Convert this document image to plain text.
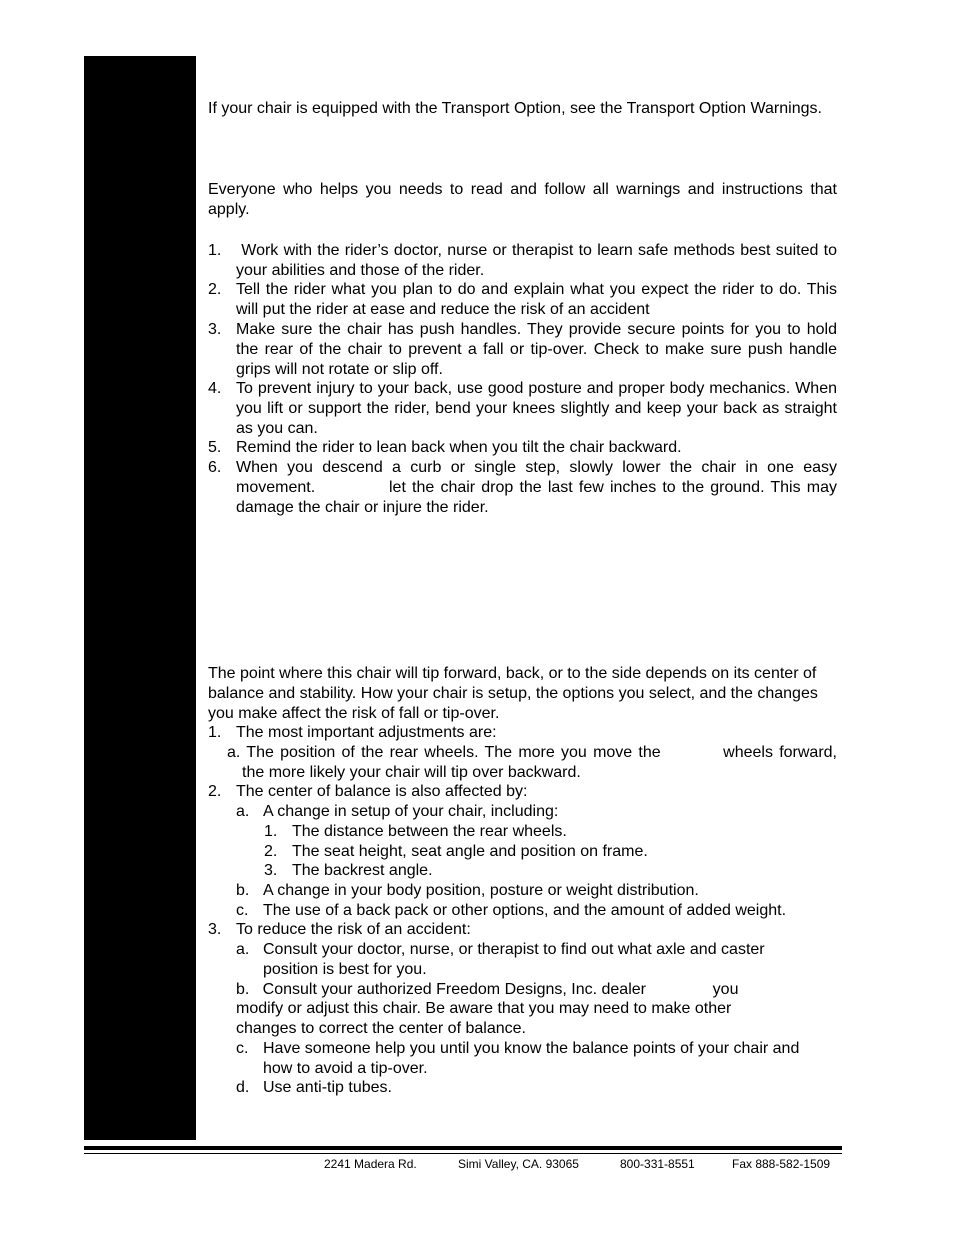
If your chair is equipped with the Transport Option, see the Transport Option Warnings.

Everyone who helps you needs to read and follow all warnings and instructions that apply.

1. Work with the rider’s doctor, nurse or therapist to learn safe methods best suited to your abilities and those of the rider.
2. Tell the rider what you plan to do and explain what you expect the rider to do. This will put the rider at ease and reduce the risk of an accident
3. Make sure the chair has push handles. They provide secure points for you to hold the rear of the chair to prevent a fall or tip-over. Check to make sure push handle grips will not rotate or slip off.
4. To prevent injury to your back, use good posture and proper body mechanics. When you lift or support the rider, bend your knees slightly and keep your back as straight as you can.
5. Remind the rider to lean back when you tilt the chair backward.
6. When you descend a curb or single step, slowly lower the chair in one easy movement.            let the chair drop the last few inches to the ground. This may damage the chair or injure the rider.

The point where this chair will tip forward, back, or to the side depends on its center of balance and stability. How your chair is setup, the options you select, and the changes you make affect the risk of fall or tip-over.

1. The most important adjustments are:
a. The position of the rear wheels. The more you move the          wheels forward,
the more likely your chair will tip over backward.
2. The center of balance is also affected by:
a. A change in setup of your chair, including:
1. The distance between the rear wheels.
2. The seat height, seat angle and position on frame.
3. The backrest angle.
b. A change in your body position, posture or weight distribution.
c. The use of a back pack or other options, and the amount of added weight.
3. To reduce the risk of an accident:
a. Consult your doctor, nurse, or therapist to find out what axle and caster position is best for you.
b.   Consult your authorized Freedom Designs, Inc. dealer               you
modify or adjust this chair. Be aware that you may need to make other changes to correct the center of balance.
c. Have someone help you until you know the balance points of your chair and how to avoid a tip-over.
d. Use anti-tip tubes.
2241 Madera Rd.	Simi Valley, CA. 93065	800-331-8551	Fax 888-582-1509
